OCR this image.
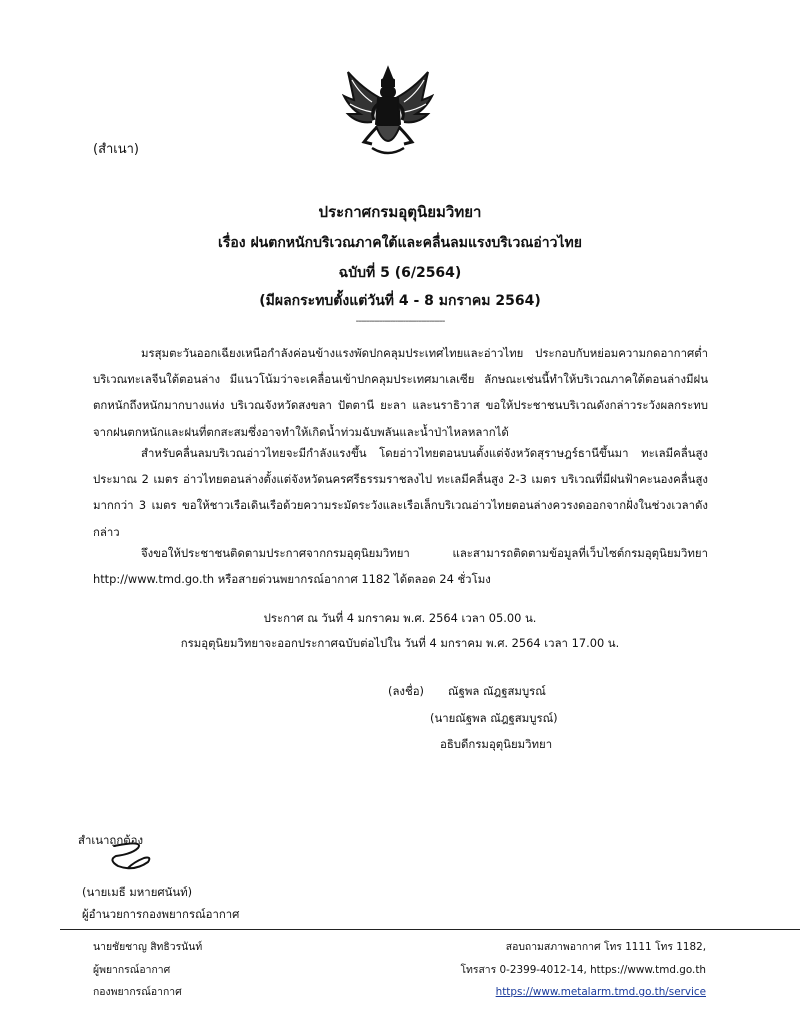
(สำเนา)
ประกาศกรมอุตุนิยมวิทยา
เรื่อง ฝนตกหนักบริเวณภาคใต้และคลื่นลมแรงบริเวณอ่าวไทย
ฉบับที่ 5 (6/2564)
(มีผลกระทบตั้งแต่วันที่ 4 - 8 มกราคม 2564)
----------------------------------
มรสุมตะวันออกเฉียงเหนือกำลังค่อนข้างแรงพัดปกคลุมประเทศไทยและอ่าวไทย ประกอบกับหย่อมความกดอากาศต่ำบริเวณทะเลจีนใต้ตอนล่าง มีแนวโน้มว่าจะเคลื่อนเข้าปกคลุมประเทศมาเลเซีย ลักษณะเช่นนี้ทำให้บริเวณภาคใต้ตอนล่างมีฝนตกหนักถึงหนักมากบางแห่ง บริเวณจังหวัดสงขลา ปัตตานี ยะลา และนราธิวาส ขอให้ประชาชนบริเวณดังกล่าวระวังผลกระทบจากฝนตกหนักและฝนที่ตกสะสมซึ่งอาจทำให้เกิดน้ำท่วมฉับพลันและน้ำป่าไหลหลากได้
สำหรับคลื่นลมบริเวณอ่าวไทยจะมีกำลังแรงขึ้น โดยอ่าวไทยตอนบนตั้งแต่จังหวัดสุราษฎร์ธานีขึ้นมา ทะเลมีคลื่นสูงประมาณ 2 เมตร อ่าวไทยตอนล่างตั้งแต่จังหวัดนครศรีธรรมราชลงไป ทะเลมีคลื่นสูง 2-3 เมตร บริเวณที่มีฝนฟ้าคะนองคลื่นสูงมากกว่า 3 เมตร ขอให้ชาวเรือเดินเรือด้วยความระมัดระวังและเรือเล็กบริเวณอ่าวไทยตอนล่างควรงดออกจากฝั่งในช่วงเวลาดังกล่าว
จึงขอให้ประชาชนติดตามประกาศจากกรมอุตุนิยมวิทยา และสามารถติดตามข้อมูลที่เว็บไซต์กรมอุตุนิยมวิทยา http://www.tmd.go.th หรือสายด่วนพยากรณ์อากาศ 1182 ได้ตลอด 24 ชั่วโมง
ประกาศ ณ วันที่ 4 มกราคม พ.ศ. 2564 เวลา 05.00 น.
กรมอุตุนิยมวิทยาจะออกประกาศฉบับต่อไปใน วันที่ 4 มกราคม พ.ศ. 2564 เวลา 17.00 น.
(ลงชื่อ) ณัฐพล ณัฎฐสมบูรณ์
(นายณัฐพล ณัฎฐสมบูรณ์)
อธิบดีกรมอุตุนิยมวิทยา
สำเนาถูกต้อง
(นายเมธี มหายศนันท์)
ผู้อำนวยการกองพยากรณ์อากาศ
นายชัยชาญ สิทธิวรนันท์
ผู้พยากรณ์อากาศ
กองพยากรณ์อากาศ
สอบถามสภาพอากาศ โทร 1111 โทร 1182,
โทรสาร 0-2399-4012-14, https://www.tmd.go.th
https://www.metalarm.tmd.go.th/service
